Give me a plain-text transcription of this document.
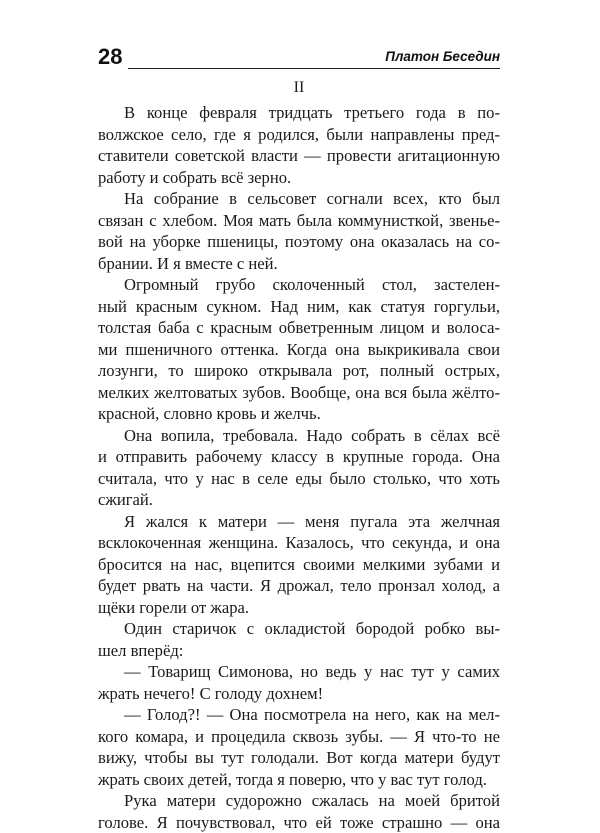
28	Платон Беседин
II
В конце февраля тридцать третьего года в по-
волжское село, где я родился, были направлены пред-
ставители советской власти — провести агитационную
работу и собрать всё зерно.
На собрание в сельсовет согнали всех, кто был
связан с хлебом. Моя мать была коммунисткой, звенье-
вой на уборке пшеницы, поэтому она оказалась на со-
брании. И я вместе с ней.
Огромный грубо сколоченный стол, застелен-
ный красным сукном. Над ним, как статуя горгульи,
толстая баба с красным обветренным лицом и волоса-
ми пшеничного оттенка. Когда она выкрикивала свои
лозунги, то широко открывала рот, полный острых,
мелких желтоватых зубов. Вообще, она вся была жёлто-
красной, словно кровь и желчь.
Она вопила, требовала. Надо собрать в сёлах всё
и отправить рабочему классу в крупные города. Она
считала, что у нас в селе еды было столько, что хоть
сжигай.
Я жался к матери — меня пугала эта желчная
всклокоченная женщина. Казалось, что секунда, и она
бросится на нас, вцепится своими мелкими зубами и
будет рвать на части. Я дрожал, тело пронзал холод, а
щёки горели от жара.
Один старичок с окладистой бородой робко вы-
шел вперёд:
— Товарищ Симонова, но ведь у нас тут у самих
жрать нечего! С голоду дохнем!
— Голод?! — Она посмотрела на него, как на мел-
кого комара, и процедила сквозь зубы. — Я что-то не
вижу, чтобы вы тут голодали. Вот когда матери будут
жрать своих детей, тогда я поверю, что у вас тут голод.
Рука матери судорожно сжалась на моей бритой
голове. Я почувствовал, что ей тоже страшно — она
